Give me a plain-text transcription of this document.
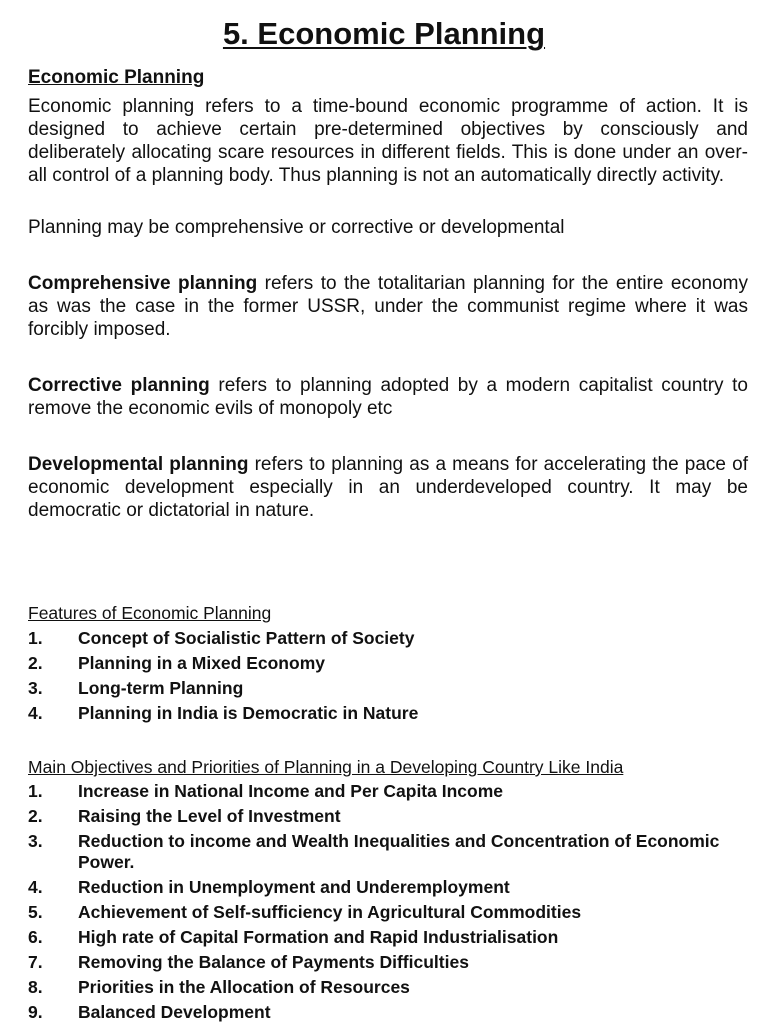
5. Economic Planning
Economic Planning

Economic planning refers to a time-bound economic programme of action. It is designed to achieve certain pre-determined objectives by consciously and deliberately allocating scare resources in different fields. This is done under an over-all control of a planning body. Thus planning is not an automatically directly activity.

Planning may be comprehensive or corrective or developmental

Comprehensive planning refers to the totalitarian planning for the entire economy as was the case in the former USSR, under the communist regime where it was forcibly imposed.

Corrective planning refers to planning adopted by a modern capitalist country to remove the economic evils of monopoly etc

Developmental planning refers to planning as a means for accelerating the pace of economic development especially in an underdeveloped country. It may be democratic or dictatorial in nature.

Features of Economic Planning
1.	Concept of Socialistic Pattern of Society
2.	Planning in a Mixed Economy
3.	Long-term Planning
4.	Planning in India is Democratic in Nature
Main Objectives and Priorities of Planning in a Developing Country Like India
1.	Increase in National Income and Per Capita Income
2.	Raising the Level of Investment
3.	Reduction to income and Wealth Inequalities and Concentration of Economic Power.
4.	Reduction in Unemployment and Underemployment
5.	Achievement of Self-sufficiency in Agricultural Commodities
6.	High rate of Capital Formation and Rapid Industrialisation
7.	Removing the Balance of Payments Difficulties
8.	Priorities in the Allocation of Resources
9.	Balanced Development
